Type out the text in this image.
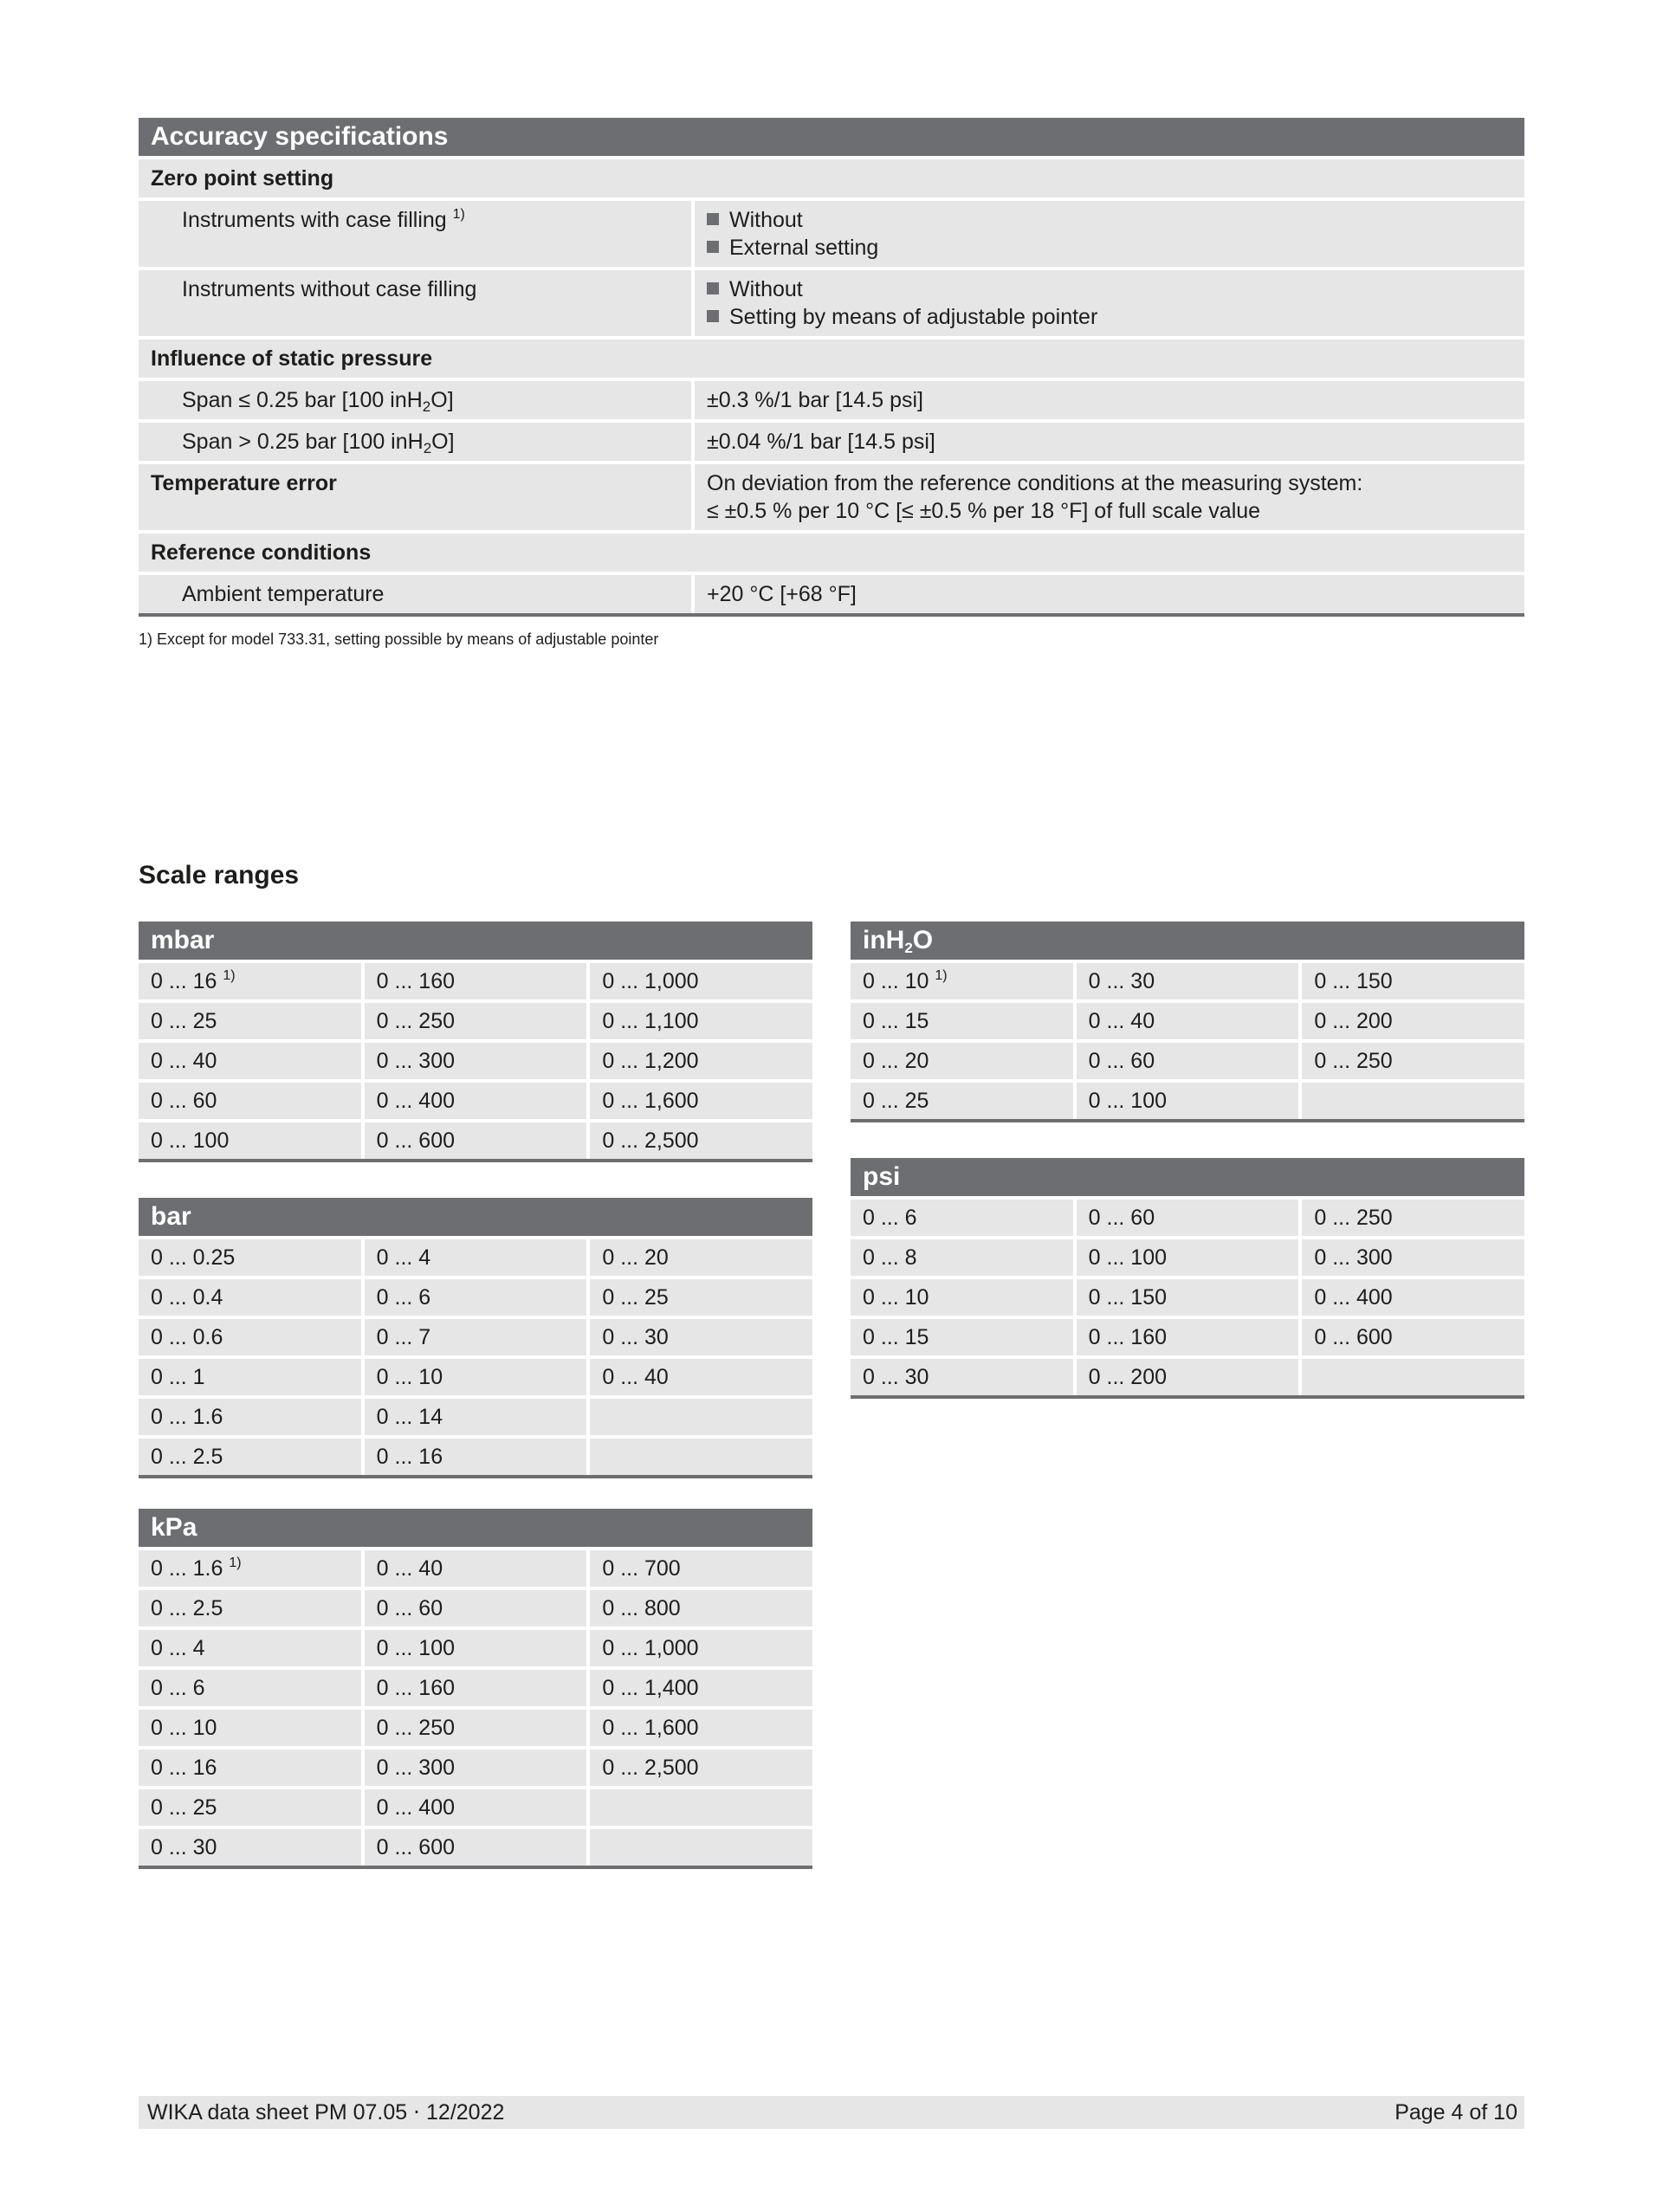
Accuracy specifications
Zero point setting
Instruments with case filling $^{1)}$	Without
External setting
Instruments without case filling	Without
Setting by means of adjustable pointer
Influence of static pressure
Span ≤ 0.25 bar [100 inH$_2$O]	±0.3 %/1 bar [14.5 psi]
Span > 0.25 bar [100 inH$_2$O]	±0.04 %/1 bar [14.5 psi]
Temperature error	On deviation from the reference conditions at the measuring system:
≤ ±0.5 % per 10 °C [≤ ±0.5 % per 18 °F] of full scale value
Reference conditions
Ambient temperature	+20 °C [+68 °F]
1) Except for model 733.31, setting possible by means of adjustable pointer
Scale ranges
mbar
0 ... 16 $^{1)}$	0 ... 160	0 ... 1,000
0 ... 25	0 ... 250	0 ... 1,100
0 ... 40	0 ... 300	0 ... 1,200
0 ... 60	0 ... 400	0 ... 1,600
0 ... 100	0 ... 600	0 ... 2,500
bar
0 ... 0.25	0 ... 4	0 ... 20
0 ... 0.4	0 ... 6	0 ... 25
0 ... 0.6	0 ... 7	0 ... 30
0 ... 1	0 ... 10	0 ... 40
0 ... 1.6	0 ... 14
0 ... 2.5	0 ... 16
kPa
0 ... 1.6 $^{1)}$	0 ... 40	0 ... 700
0 ... 2.5	0 ... 60	0 ... 800
0 ... 4	0 ... 100	0 ... 1,000
0 ... 6	0 ... 160	0 ... 1,400
0 ... 10	0 ... 250	0 ... 1,600
0 ... 16	0 ... 300	0 ... 2,500
0 ... 25	0 ... 400
0 ... 30	0 ... 600
inH$_2$O
0 ... 10 $^{1)}$	0 ... 30	0 ... 150
0 ... 15	0 ... 40	0 ... 200
0 ... 20	0 ... 60	0 ... 250
0 ... 25	0 ... 100
psi
0 ... 6	0 ... 60	0 ... 250
0 ... 8	0 ... 100	0 ... 300
0 ... 10	0 ... 150	0 ... 400
0 ... 15	0 ... 160	0 ... 600
0 ... 30	0 ... 200
WIKA data sheet PM 07.05 ⋅ 12/2022	Page 4 of 10
